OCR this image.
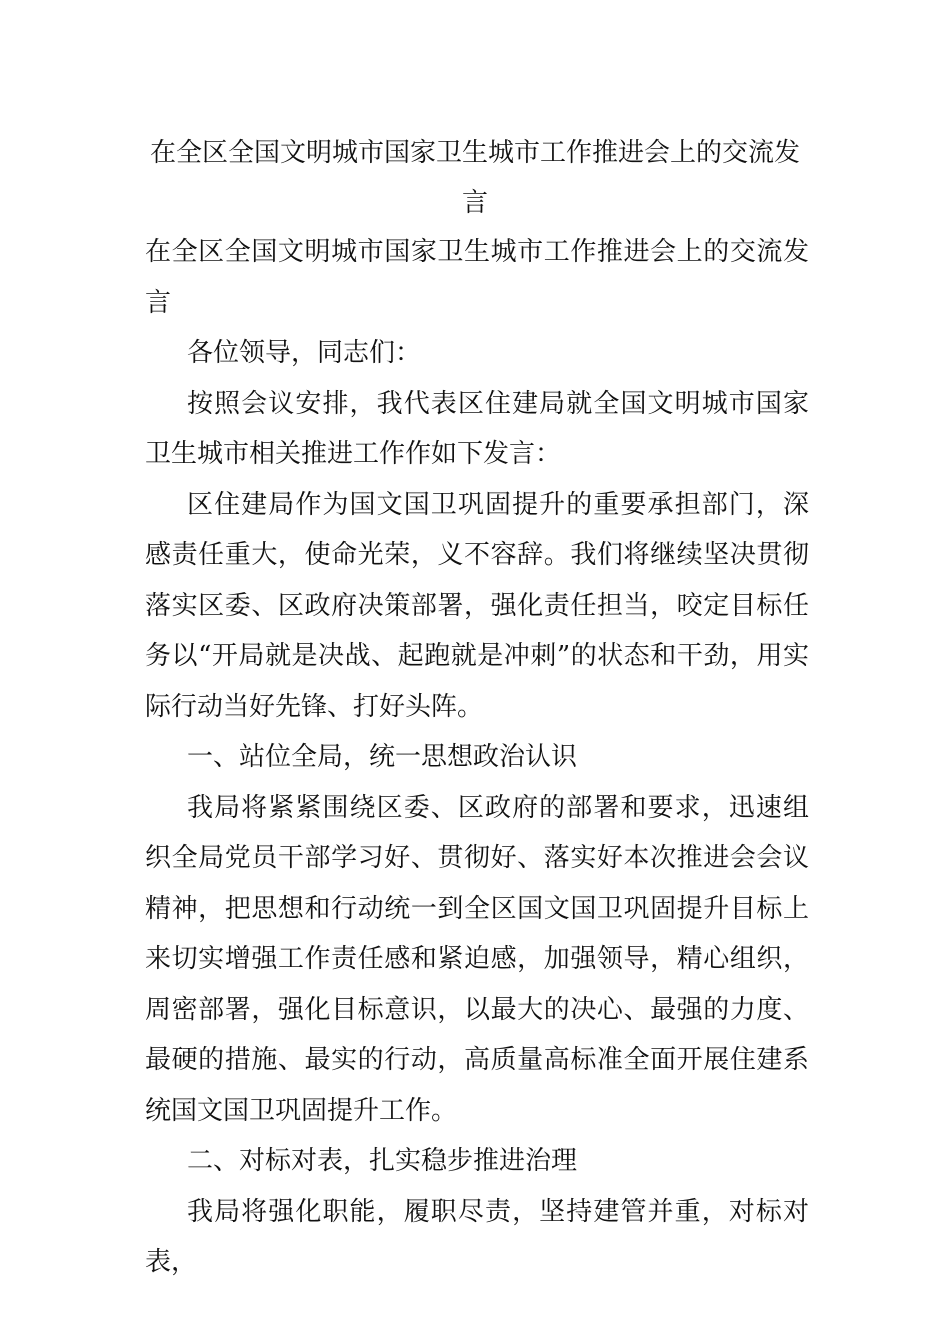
在全区全国文明城市国家卫生城市工作推进会上的交流发言

在全区全国文明城市国家卫生城市工作推进会上的交流发言

各位领导，同志们：

按照会议安排，我代表区住建局就全国文明城市国家卫生城市相关推进工作作如下发言：

区住建局作为国文国卫巩固提升的重要承担部门，深感责任重大，使命光荣，义不容辞。我们将继续坚决贯彻落实区委、区政府决策部署，强化责任担当，咬定目标任务以“开局就是决战、起跑就是冲刺”的状态和干劲，用实际行动当好先锋、打好头阵。

一、站位全局，统一思想政治认识

我局将紧紧围绕区委、区政府的部署和要求，迅速组织全局党员干部学习好、贯彻好、落实好本次推进会会议精神，把思想和行动统一到全区国文国卫巩固提升目标上来切实增强工作责任感和紧迫感，加强领导，精心组织，周密部署，强化目标意识，以最大的决心、最强的力度、最硬的措施、最实的行动，高质量高标准全面开展住建系统国文国卫巩固提升工作。

二、对标对表，扎实稳步推进治理

我局将强化职能，履职尽责，坚持建管并重，对标对表，
